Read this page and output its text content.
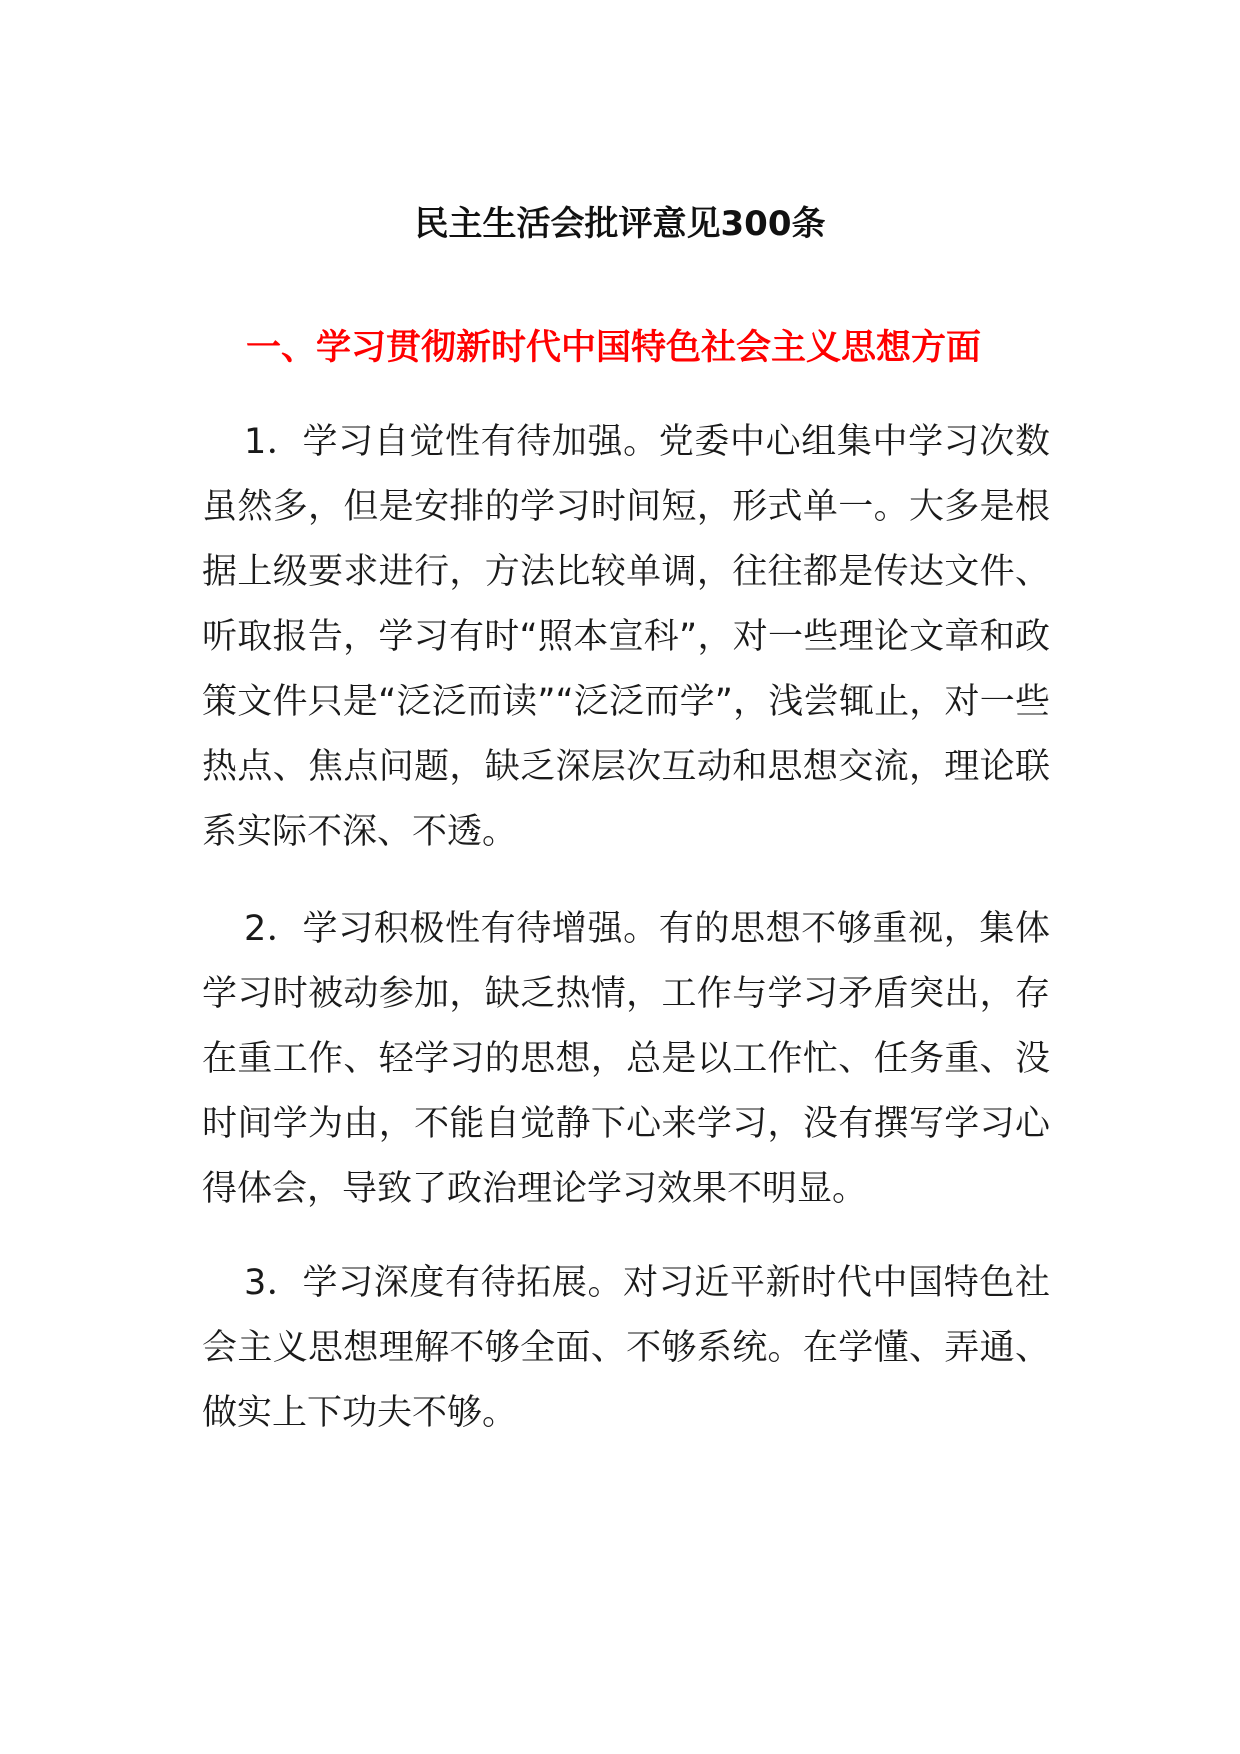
民主生活会批评意见300条
一、学习贯彻新时代中国特色社会主义思想方面
1．学习自觉性有待加强。党委中心组集中学习次数虽然多，但是安排的学习时间短，形式单一。大多是根据上级要求进行，方法比较单调，往往都是传达文件、听取报告，学习有时“照本宣科”，对一些理论文章和政策文件只是“泛泛而读”“泛泛而学”，浅尝辄止，对一些热点、焦点问题，缺乏深层次互动和思想交流，理论联系实际不深、不透。
2．学习积极性有待增强。有的思想不够重视，集体学习时被动参加，缺乏热情，工作与学习矛盾突出，存在重工作、轻学习的思想，总是以工作忙、任务重、没时间学为由，不能自觉静下心来学习，没有撰写学习心得体会，导致了政治理论学习效果不明显。
3．学习深度有待拓展。对习近平新时代中国特色社会主义思想理解不够全面、不够系统。在学懂、弄通、做实上下功夫不够。
